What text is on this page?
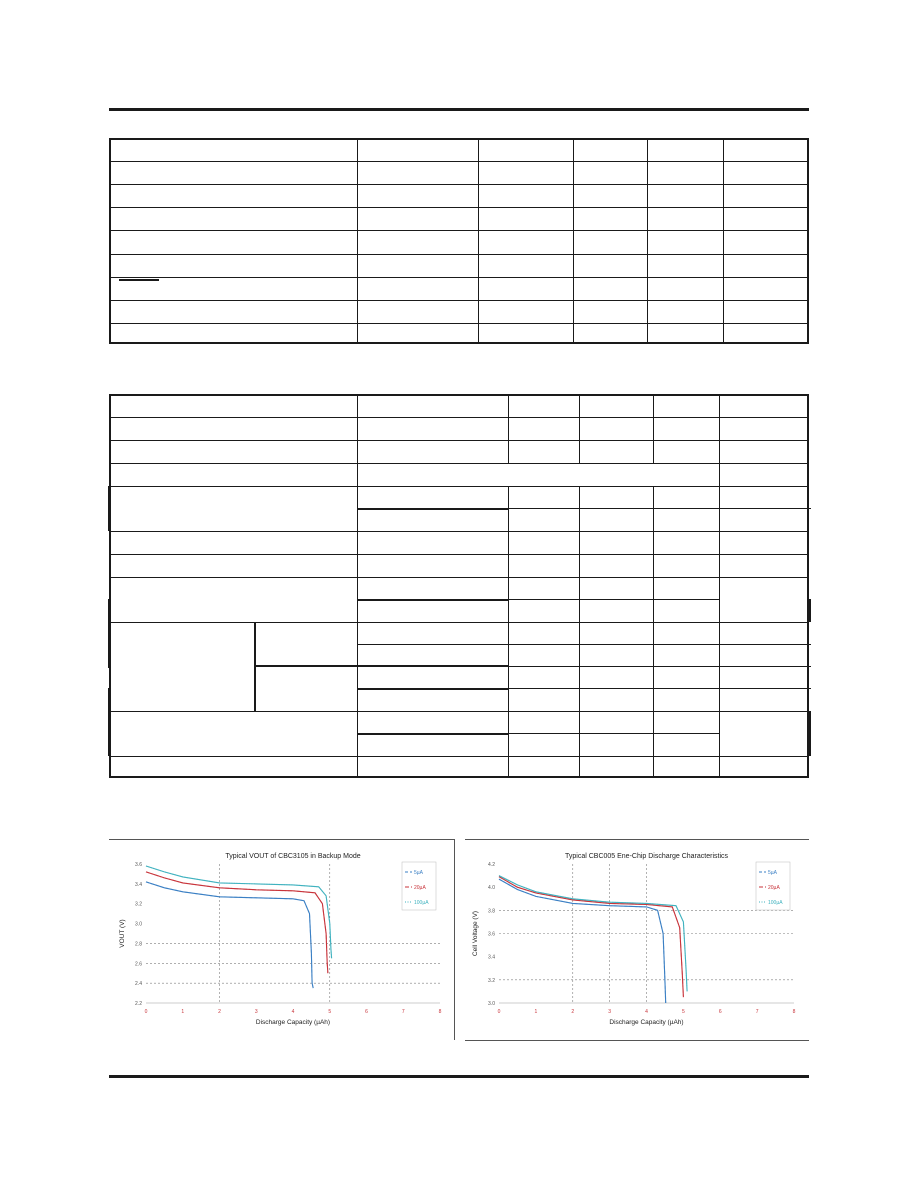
Typical VOUT of CBC3105 in Backup Mode
0	1	2	3	4	5	6	7	8
3.6
3.4
3.2
3.0
2.8
2.6
2.4
2.2
Discharge Capacity (µAh)
VOUT (V)
5µA
20µA
100µA
Typical CBC005 Ene-Chip Discharge Characteristics
0	1	2	3	4	5	6	7	8
4.2
4.0
3.8
3.6
3.4
3.2
3.0
Discharge Capacity (µAh)
Cell Voltage (V)
5µA
20µA
100µA
